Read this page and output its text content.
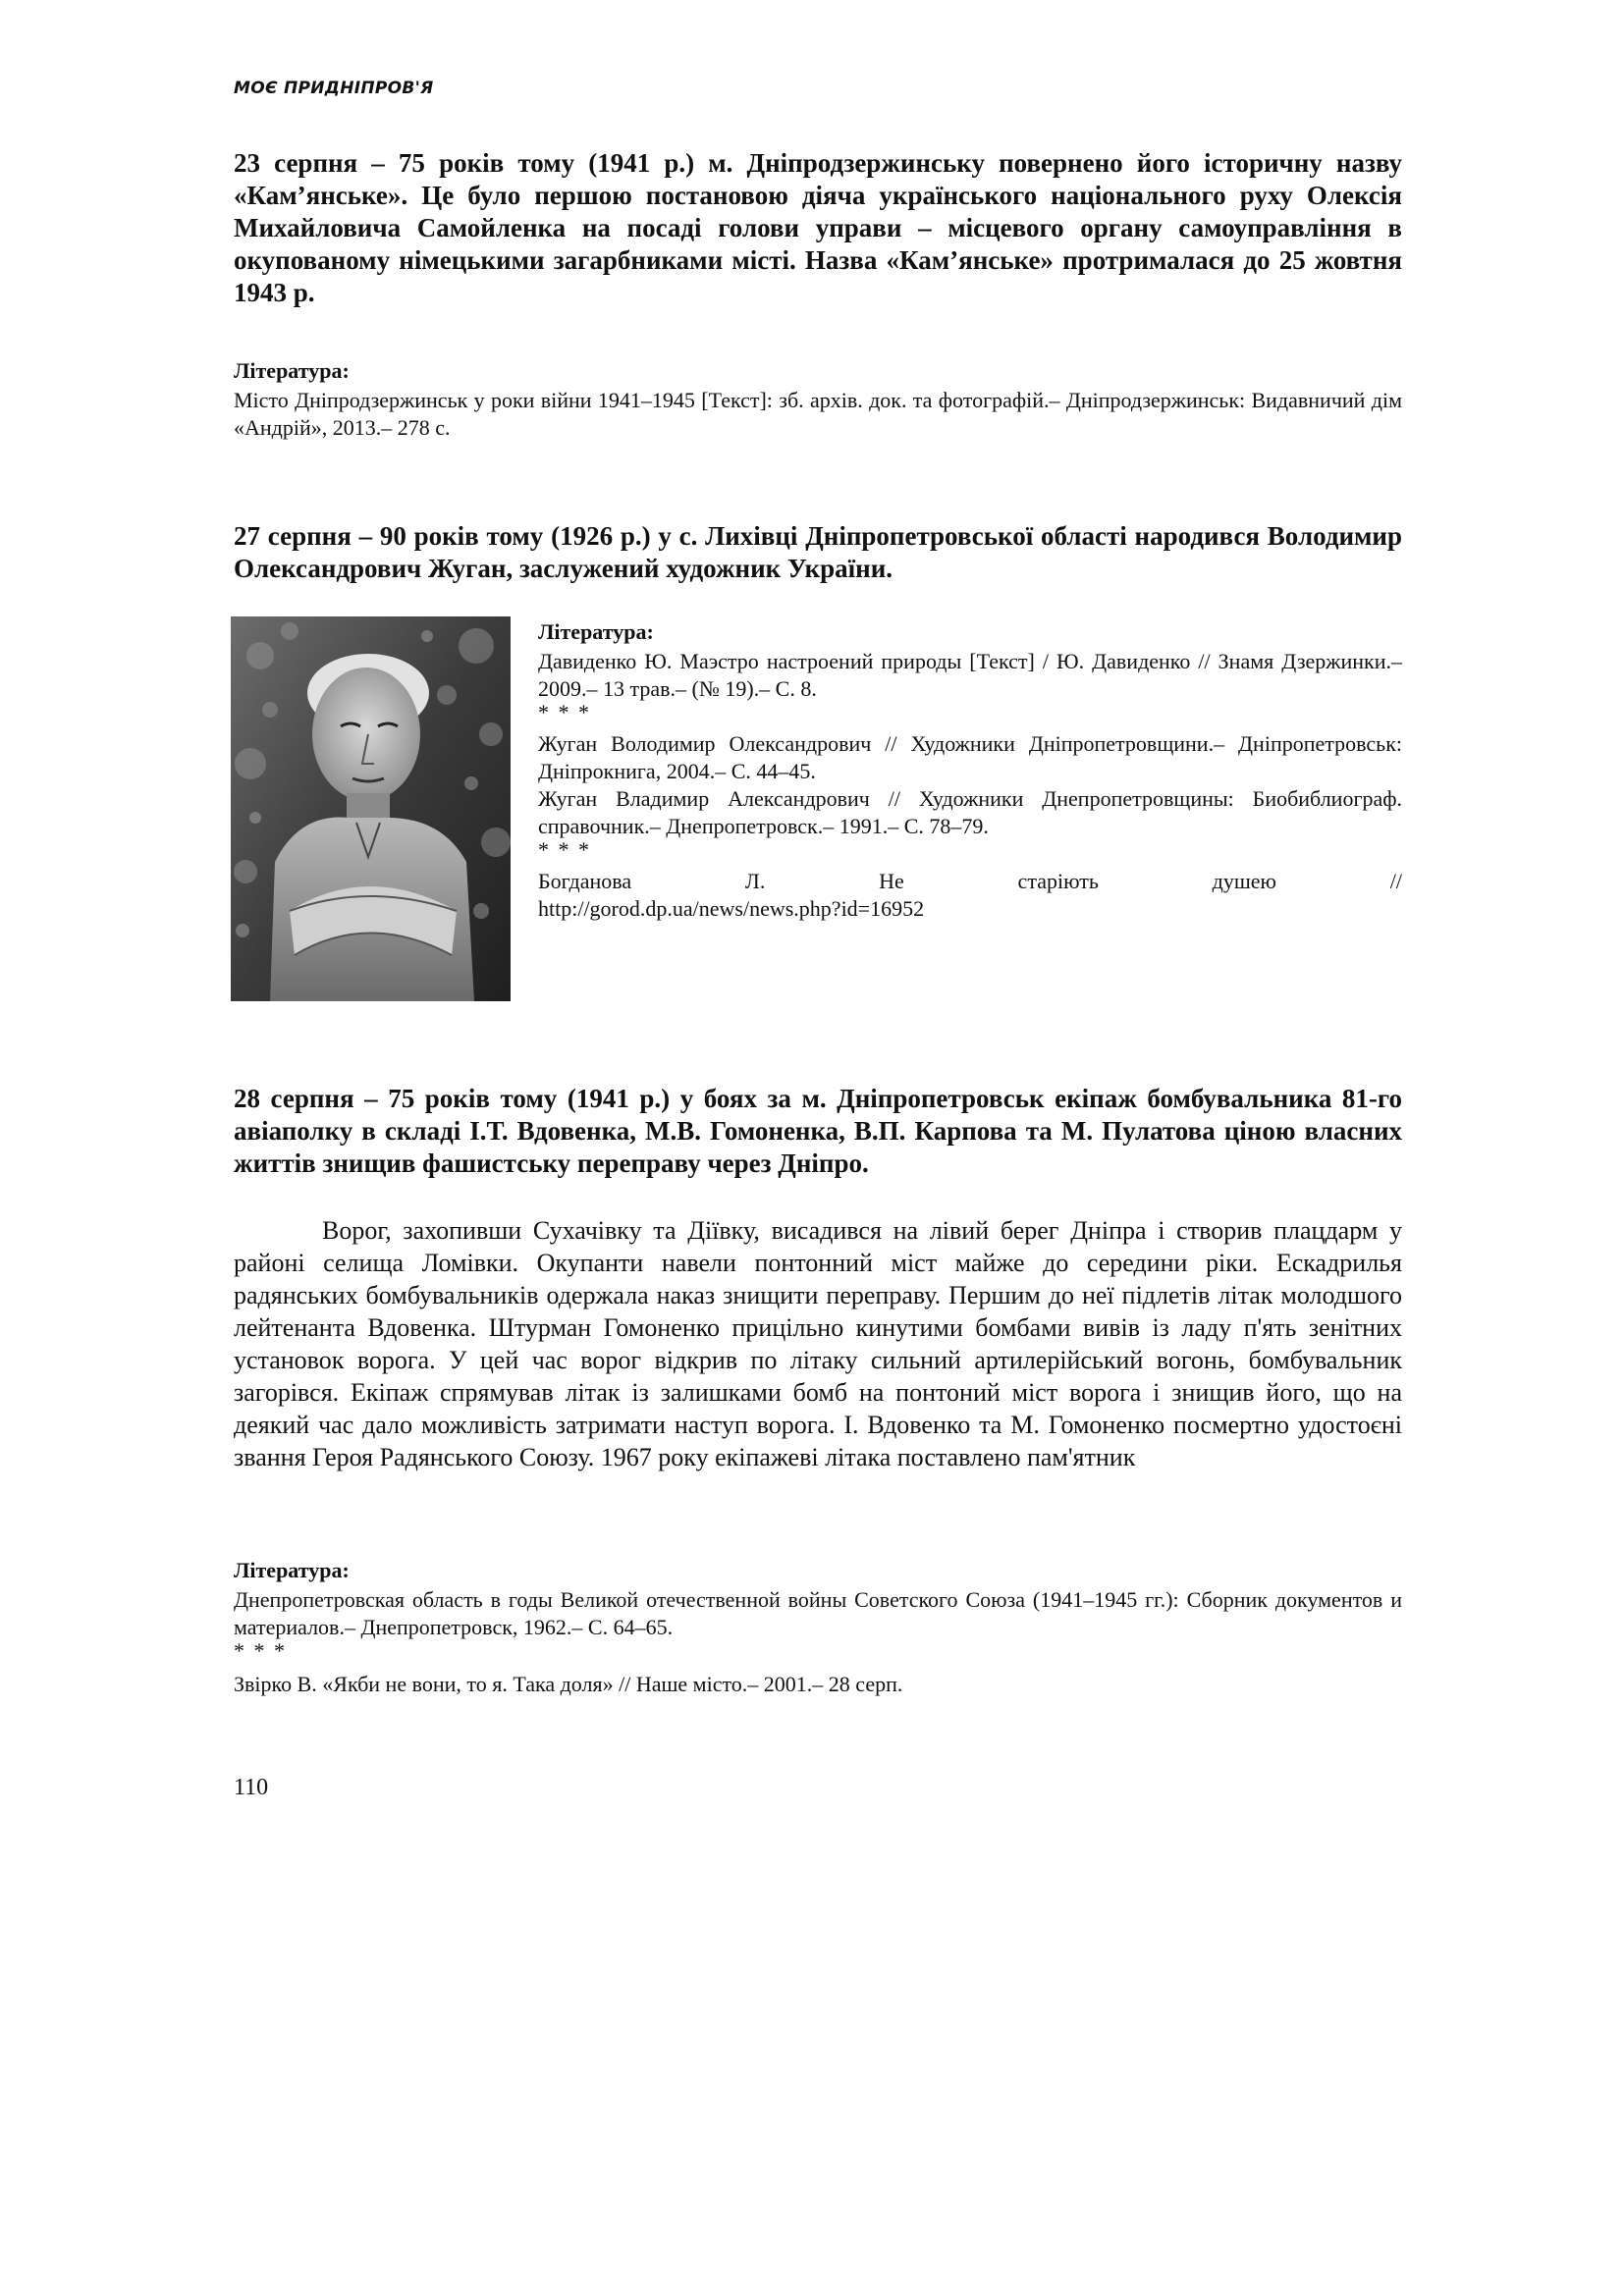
МОЄ ПРИДНІПРОВ'Я

23 серпня – 75 років тому (1941 р.) м. Дніпродзержинську повернено його історичну назву «Кам’янське». Це було першою постановою діяча українського національного руху Олексія Михайловича Самойленка на посаді голови управи – місцевого органу самоуправління в окупованому німецькими загарбниками місті. Назва «Кам’янське» протрималася до 25 жовтня 1943 р.

Література:

Місто Дніпродзержинськ у роки війни 1941–1945 [Текст]: зб. архів. док. та фотографій.– Дніпродзержинськ: Видавничий дім «Андрій», 2013.– 278 с.

27 серпня – 90 років тому (1926 р.) у с. Лихівці Дніпропетровської області народився Володимир Олександрович Жуган, заслужений художник України.

Література:

Давиденко Ю. Маэстро настроений природы [Текст] / Ю. Давиденко // Знамя Дзержинки.– 2009.– 13 трав.– (№ 19).– С. 8.

* * *

Жуган Володимир Олександрович // Художники Дніпропетровщини.– Дніпропетровськ: Дніпрокнига, 2004.– С. 44–45.

Жуган Владимир Александрович // Художники Днепропетровщины: Биобиблиограф. справочник.– Днепропетровск.– 1991.– С. 78–79.

* * *

Богданова Л. Не старіють душею //

http://gorod.dp.ua/news/news.php?id=16952

28 серпня – 75 років тому (1941 р.) у боях за м. Дніпропетровськ екіпаж бомбувальника 81-го авіаполку в складі І.Т. Вдовенка, М.В. Гомоненка, В.П. Карпова та М. Пулатова ціною власних життів знищив фашистську переправу через Дніпро.

Ворог, захопивши Сухачівку та Діївку, висадився на лівий берег Дніпра і створив плацдарм у районі селища Ломівки. Окупанти навели понтонний міст майже до середини ріки. Ескадрилья радянських бомбувальників одержала наказ знищити переправу. Першим до неї підлетів літак молодшого лейтенанта Вдовенка. Штурман Гомоненко прицільно кинутими бомбами вивів із ладу п'ять зенітних установок ворога. У цей час ворог відкрив по літаку сильний артилерійський вогонь, бомбувальник загорівся. Екіпаж спрямував літак із залишками бомб на понтоний міст ворога і знищив його, що на деякий час дало можливість затримати наступ ворога. І. Вдовенко та М. Гомоненко посмертно удостоєні звання Героя Радянського Союзу. 1967 року екіпажеві літака поставлено пам'ятник

Література:

Днепропетровская область в годы Великой отечественной войны Советского Союза (1941–1945 гг.): Сборник документов и материалов.– Днепропетровск, 1962.– С. 64–65.

* * *

Звірко В. «Якби не вони, то я. Така доля» // Наше місто.– 2001.– 28 серп.

110
